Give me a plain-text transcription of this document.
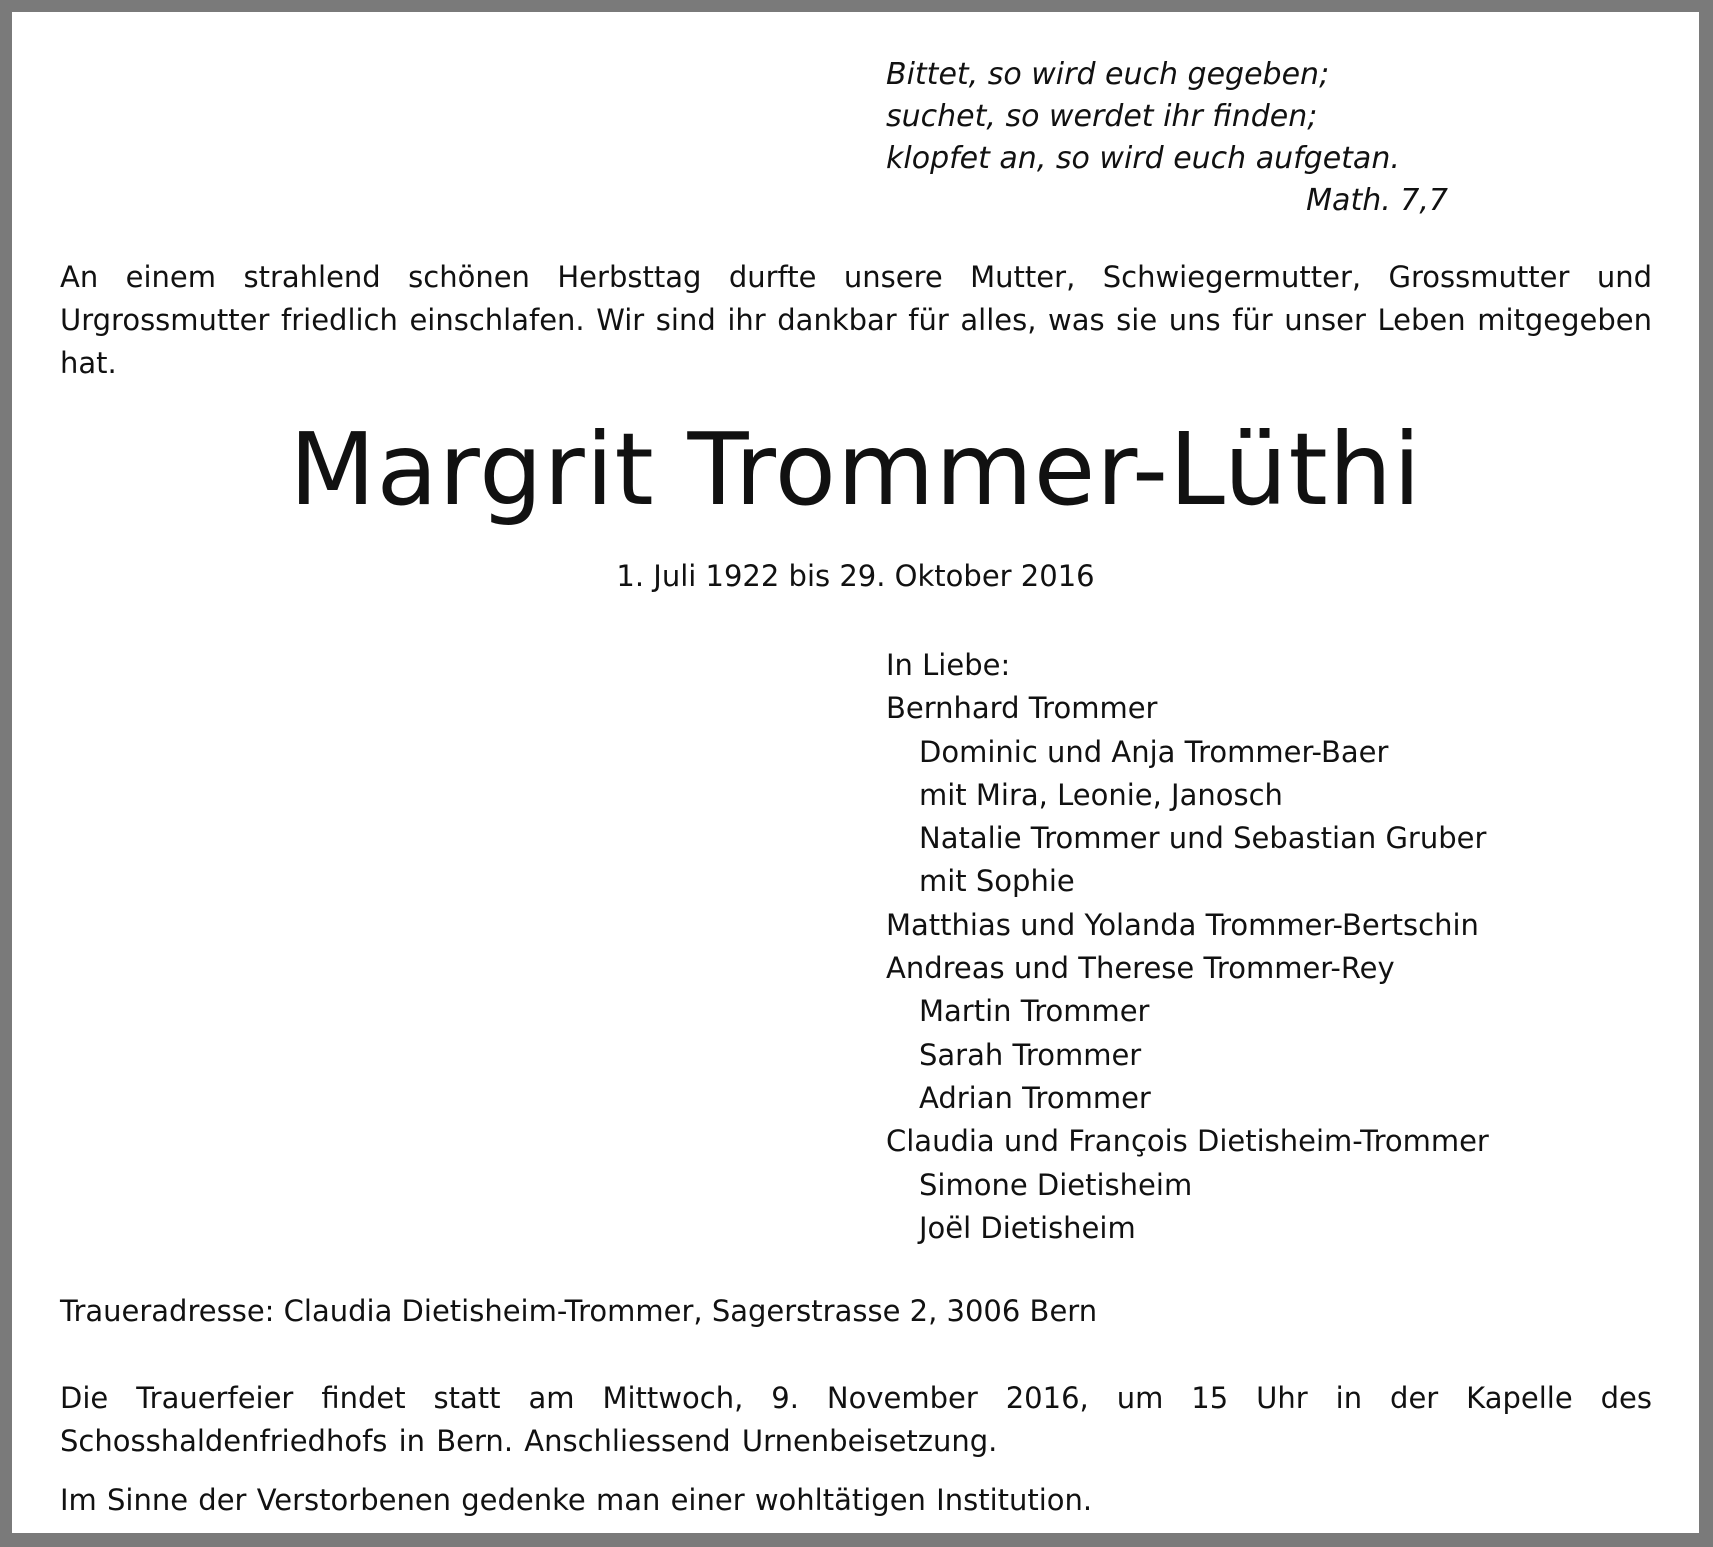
Bittet, so wird euch gegeben;
suchet, so werdet ihr finden;
klopfet an, so wird euch aufgetan.
Math. 7,7
An einem strahlend schönen Herbsttag durfte unsere Mutter, Schwiegermutter, Grossmutter und Urgrossmutter friedlich einschlafen. Wir sind ihr dankbar für alles, was sie uns für unser Leben mitgegeben hat.
Margrit Trommer-Lüthi
1. Juli 1922 bis 29. Oktober 2016
In Liebe:
Bernhard Trommer
Dominic und Anja Trommer-Baer
mit Mira, Leonie, Janosch
Natalie Trommer und Sebastian Gruber
mit Sophie
Matthias und Yolanda Trommer-Bertschin
Andreas und Therese Trommer-Rey
Martin Trommer
Sarah Trommer
Adrian Trommer
Claudia und François Dietisheim-Trommer
Simone Dietisheim
Joël Dietisheim
Traueradresse: Claudia Dietisheim-Trommer, Sagerstrasse 2, 3006 Bern
Die Trauerfeier findet statt am Mittwoch, 9. November 2016, um 15 Uhr in der Kapelle des Schosshaldenfriedhofs in Bern. Anschliessend Urnenbeisetzung.
Im Sinne der Verstorbenen gedenke man einer wohltätigen Institution.
